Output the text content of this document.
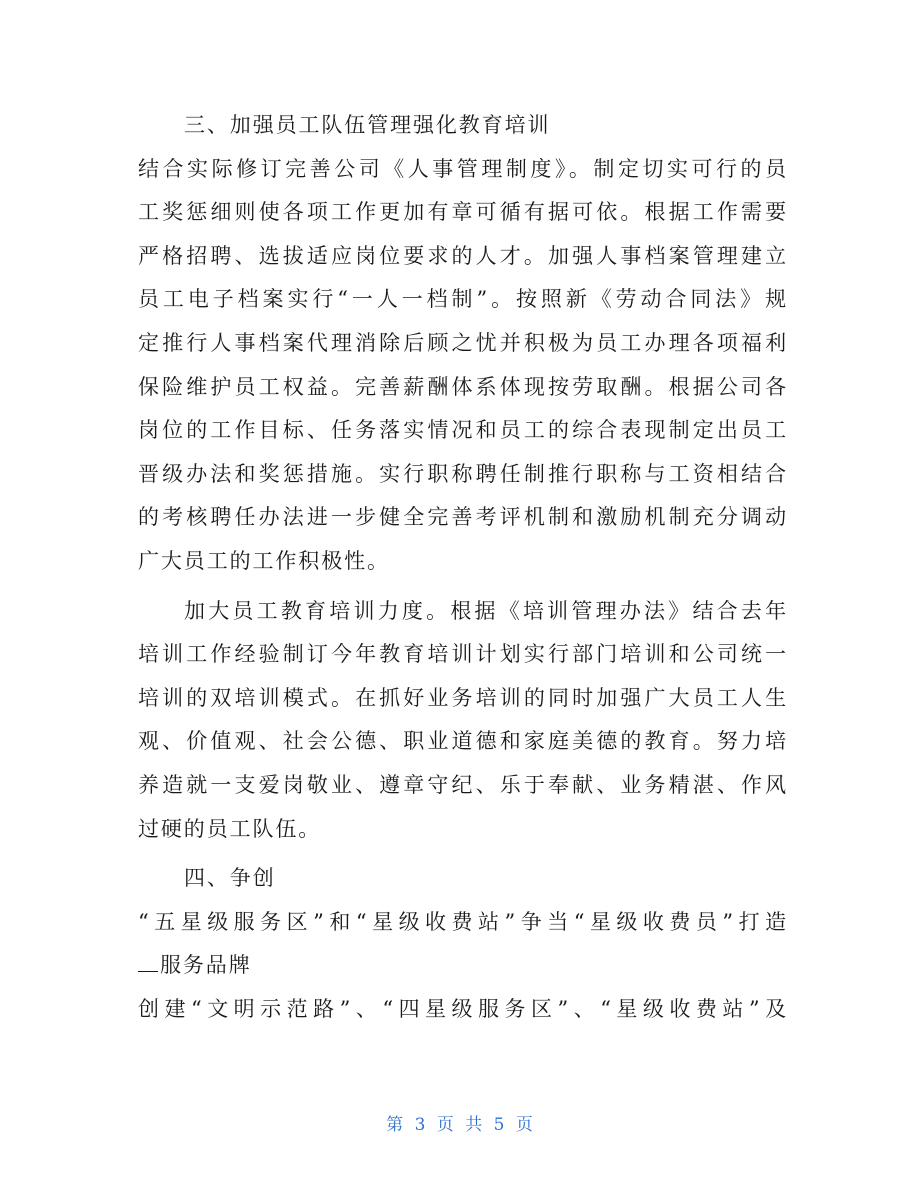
三、加强员工队伍管理强化教育培训
结合实际修订完善公司《人事管理制度》。制定切实可行的员
工奖惩细则使各项工作更加有章可循有据可依。根据工作需要
严格招聘、选拔适应岗位要求的人才。加强人事档案管理建立
员工电子档案实行“一人一档制”。按照新《劳动合同法》规
定推行人事档案代理消除后顾之忧并积极为员工办理各项福利
保险维护员工权益。完善薪酬体系体现按劳取酬。根据公司各
岗位的工作目标、任务落实情况和员工的综合表现制定出员工
晋级办法和奖惩措施。实行职称聘任制推行职称与工资相结合
的考核聘任办法进一步健全完善考评机制和激励机制充分调动
广大员工的工作积极性。
加大员工教育培训力度。根据《培训管理办法》结合去年
培训工作经验制订今年教育培训计划实行部门培训和公司统一
培训的双培训模式。在抓好业务培训的同时加强广大员工人生
观、价值观、社会公德、职业道德和家庭美德的教育。努力培
养造就一支爱岗敬业、遵章守纪、乐于奉献、业务精湛、作风
过硬的员工队伍。
四、争创
“五星级服务区”和“星级收费站”争当“星级收费员”打造
服务品牌
创建“文明示范路”、“四星级服务区”、“星级收费站”及
第 3 页 共 5 页
